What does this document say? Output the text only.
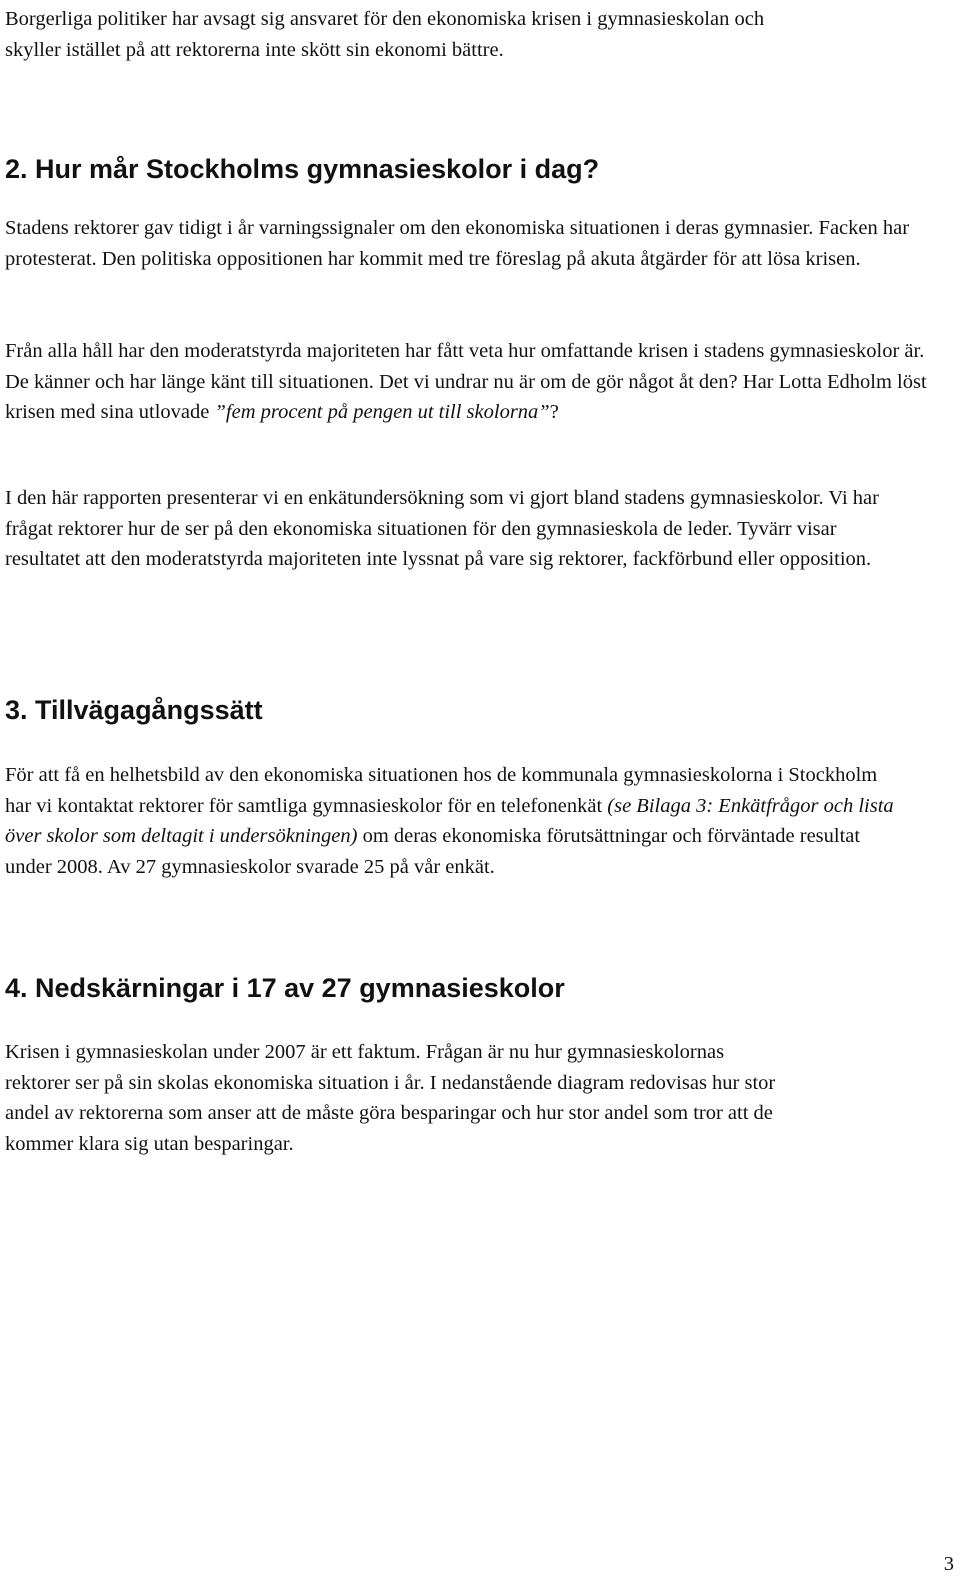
Borgerliga politiker har avsagt sig ansvaret för den ekonomiska krisen i gymnasieskolan och skyller istället på att rektorerna inte skött sin ekonomi bättre.

2. Hur mår Stockholms gymnasieskolor i dag?

Stadens rektorer gav tidigt i år varningssignaler om den ekonomiska situationen i deras gymnasier. Facken har protesterat. Den politiska oppositionen har kommit med tre föreslag på akuta åtgärder för att lösa krisen.

Från alla håll har den moderatstyrda majoriteten har fått veta hur omfattande krisen i stadens gymnasieskolor är. De känner och har länge känt till situationen. Det vi undrar nu är om de gör något åt den? Har Lotta Edholm löst krisen med sina utlovade ”fem procent på pengen ut till skolorna”?

I den här rapporten presenterar vi en enkätundersökning som vi gjort bland stadens gymnasieskolor. Vi har frågat rektorer hur de ser på den ekonomiska situationen för den gymnasieskola de leder. Tyvärr visar resultatet att den moderatstyrda majoriteten inte lyssnat på vare sig rektorer, fackförbund eller opposition.

3. Tillvägagångssätt

För att få en helhetsbild av den ekonomiska situationen hos de kommunala gymnasieskolorna i Stockholm har vi kontaktat rektorer för samtliga gymnasieskolor för en telefonenkät (se Bilaga 3: Enkätfrågor och lista över skolor som deltagit i undersökningen) om deras ekonomiska förutsättningar och förväntade resultat under 2008. Av 27 gymnasieskolor svarade 25 på vår enkät.

4. Nedskärningar i 17 av 27 gymnasieskolor

Krisen i gymnasieskolan under 2007 är ett faktum. Frågan är nu hur gymnasieskolornas rektorer ser på sin skolas ekonomiska situation i år. I nedanstående diagram redovisas hur stor andel av rektorerna som anser att de måste göra besparingar och hur stor andel som tror att de kommer klara sig utan besparingar.

3
